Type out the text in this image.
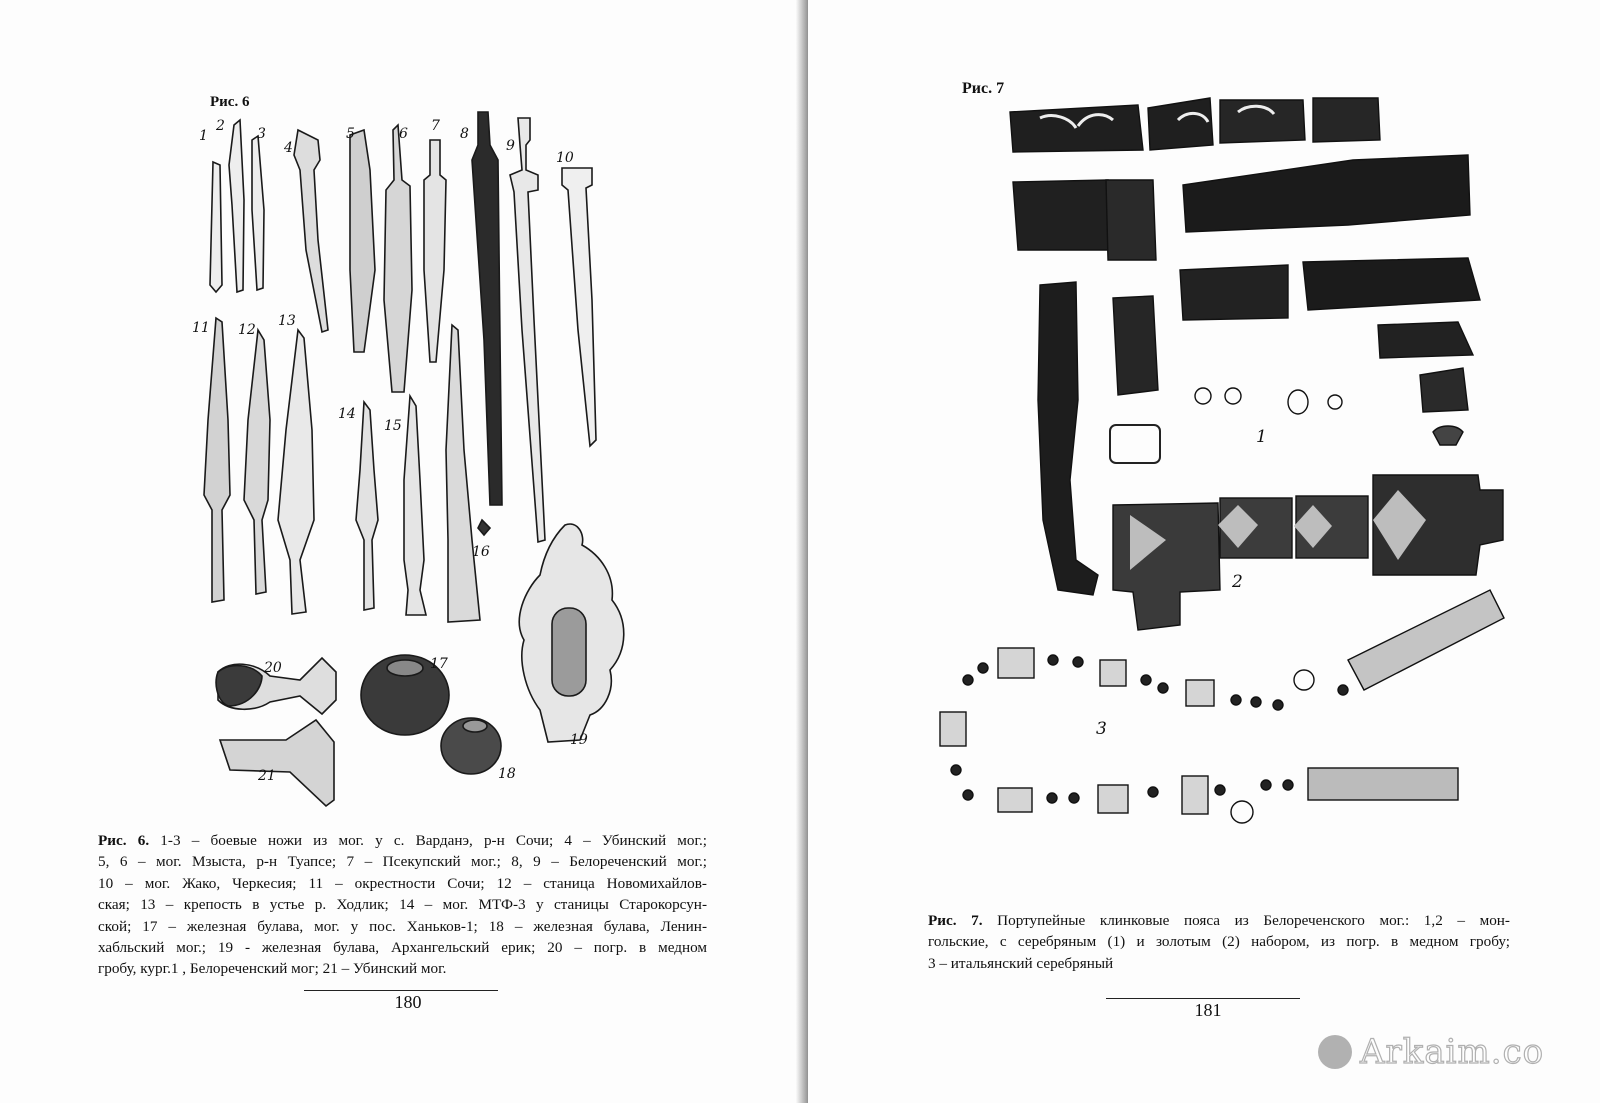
Рис. 6
1
2 3
4
5	6 7 8
9
10
11 12
13
14
15
16
17
18
19
20
21
Рис. 6. 1-3 – боевые ножи из мог. у с. Варданэ, р-н Сочи; 4 – Убинский мог.;
5, 6 – мог. Мзыста, р-н Туапсе; 7 – Псекупский мог.; 8, 9 – Белореченский мог.;
10 – мог. Жако, Черкесия; 11 – окрестности Сочи; 12 – станица Новомихайлов-
ская; 13 – крепость в устье р. Ходлик; 14 – мог. МТФ-3 у станицы Старокорсун-
ской; 17 – железная булава, мог. у пос. Ханьков-1; 18 – железная булава, Ленин-
хабльский мог.; 19 - железная булава, Архангельский ерик; 20 – погр. в медном
гробу, кург.1 , Белореченский мог; 21 – Убинский мог.
180
Рис. 7
1
2
3
Рис. 7. Портупейные клинковые пояса из Белореченского мог.: 1,2 – мон-
гольские, с серебряным (1) и золотым (2) набором, из погр. в медном гробу;
3 – итальянский серебряный
181
Arkaim.co
